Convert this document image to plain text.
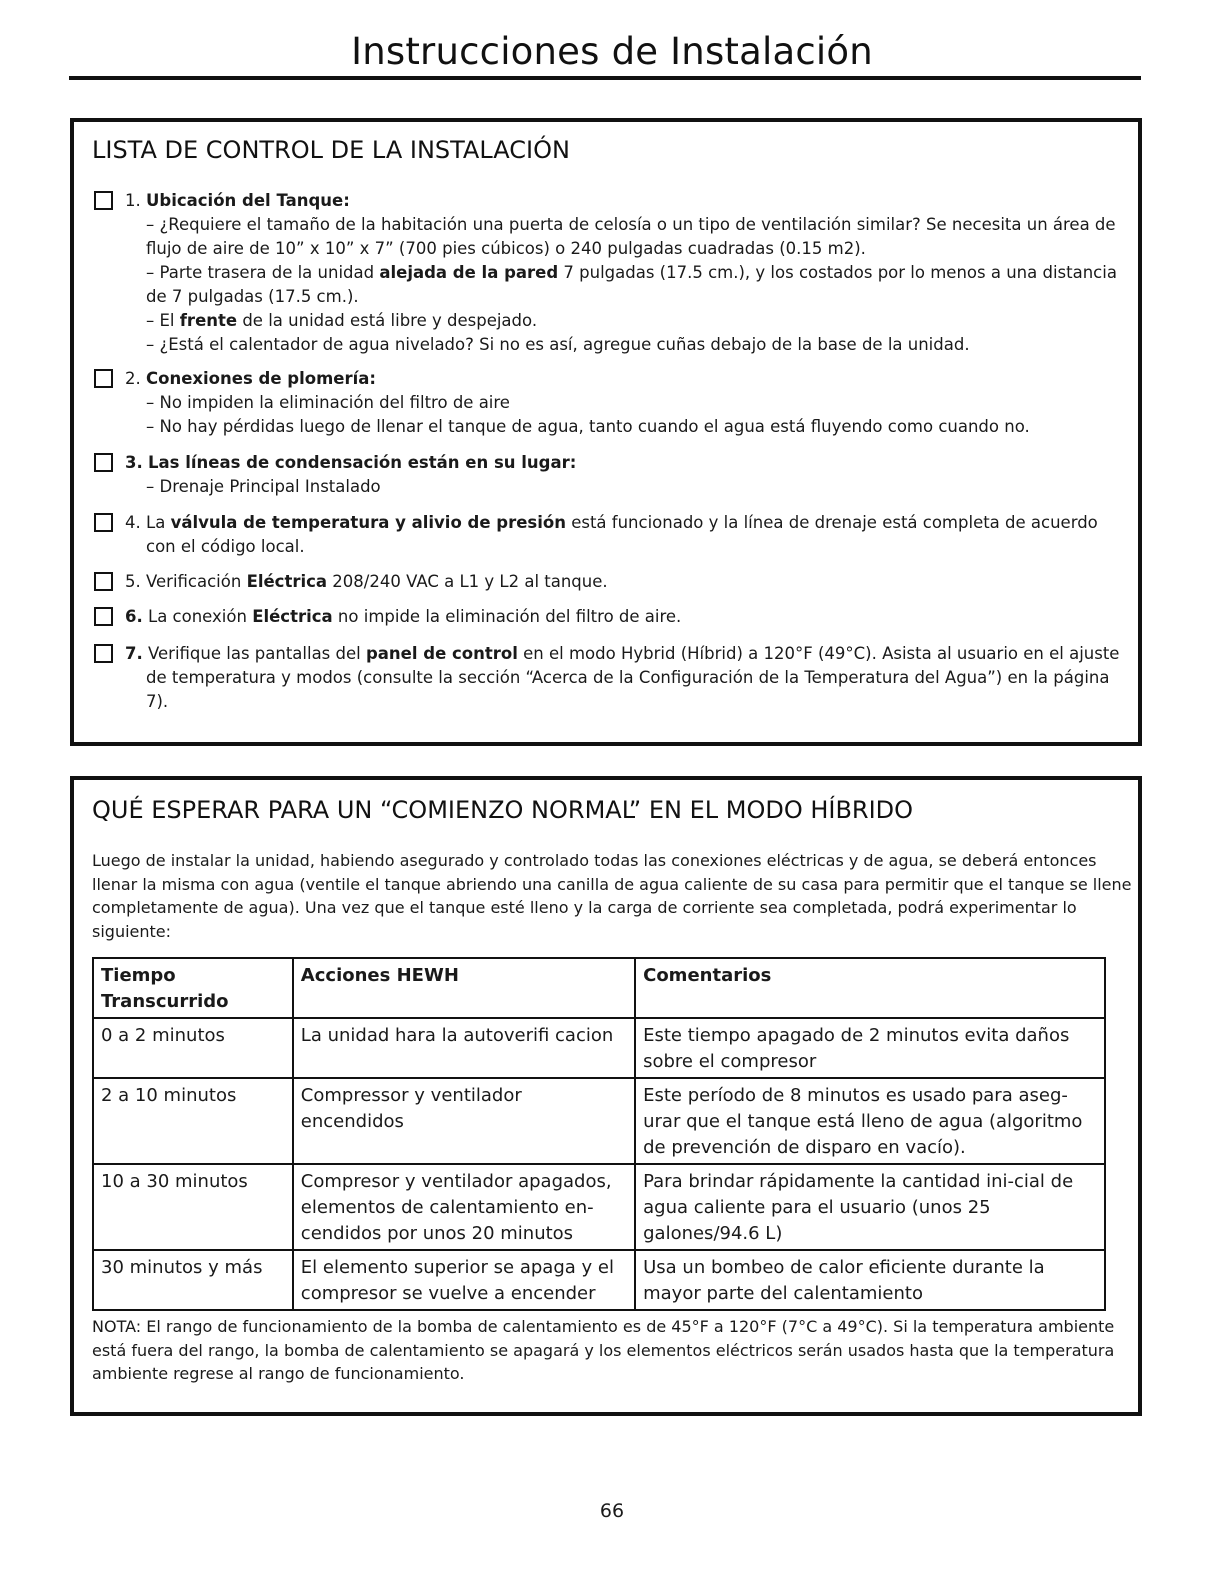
Instrucciones de Instalación
LISTA DE CONTROL DE LA INSTALACIÓN
1. Ubicación del Tanque:
– ¿Requiere el tamaño de la habitación una puerta de celosía o un tipo de ventilación similar? Se necesita un área de flujo de aire de 10” x 10” x 7” (700 pies cúbicos) o 240 pulgadas cuadradas (0.15 m2).
– Parte trasera de la unidad alejada de la pared 7 pulgadas (17.5 cm.), y los costados por lo menos a una distancia de 7 pulgadas (17.5 cm.).
– El frente de la unidad está libre y despejado.
– ¿Está el calentador de agua nivelado? Si no es así, agregue cuñas debajo de la base de la unidad.
2. Conexiones de plomería:
– No impiden la eliminación del filtro de aire
– No hay pérdidas luego de llenar el tanque de agua, tanto cuando el agua está fluyendo como cuando no.
3. Las líneas de condensación están en su lugar:
– Drenaje Principal Instalado
4. La válvula de temperatura y alivio de presión está funcionado y la línea de drenaje está completa de acuerdo con el código local.
5. Verificación Eléctrica 208/240 VAC a L1 y L2 al tanque.
6. La conexión Eléctrica no impide la eliminación del filtro de aire.
7. Verifique las pantallas del panel de control en el modo Hybrid (Híbrid) a 120°F (49°C). Asista al usuario en el ajuste de temperatura y modos (consulte la sección “Acerca de la Configuración de la Temperatura del Agua”) en la página 7).
QUÉ ESPERAR PARA UN “COMIENZO NORMAL” EN EL MODO HÍBRIDO
Luego de instalar la unidad, habiendo asegurado y controlado todas las conexiones eléctricas y de agua, se deberá entonces llenar la misma con agua (ventile el tanque abriendo una canilla de agua caliente de su casa para permitir que el tanque se llene completamente de agua). Una vez que el tanque esté lleno y la carga de corriente sea completada, podrá experimentar lo siguiente:
Tiempo Transcurrido	Acciones HEWH	Comentarios
0 a 2 minutos	La unidad hara la autoverifi cacion	Este tiempo apagado de 2 minutos evita daños sobre el compresor
2 a 10 minutos	Compressor y ventilador encendidos	Este período de 8 minutos es usado para aseg-urar que el tanque está lleno de agua (algoritmo de prevención de disparo en vacío).
10 a 30 minutos	Compresor y ventilador apagados, elementos de calentamiento en-cendidos por unos 20 minutos	Para brindar rápidamente la cantidad ini-cial de agua caliente para el usuario (unos 25 galones/94.6 L)
30 minutos y más	El elemento superior se apaga y el compresor se vuelve a encender	Usa un bombeo de calor eficiente durante la mayor parte del calentamiento
NOTA: El rango de funcionamiento de la bomba de calentamiento es de 45°F a 120°F (7°C a 49°C). Si la temperatura ambiente está fuera del rango, la bomba de calentamiento se apagará y los elementos eléctricos serán usados hasta que la temperatura ambiente regrese al rango de funcionamiento.
66
